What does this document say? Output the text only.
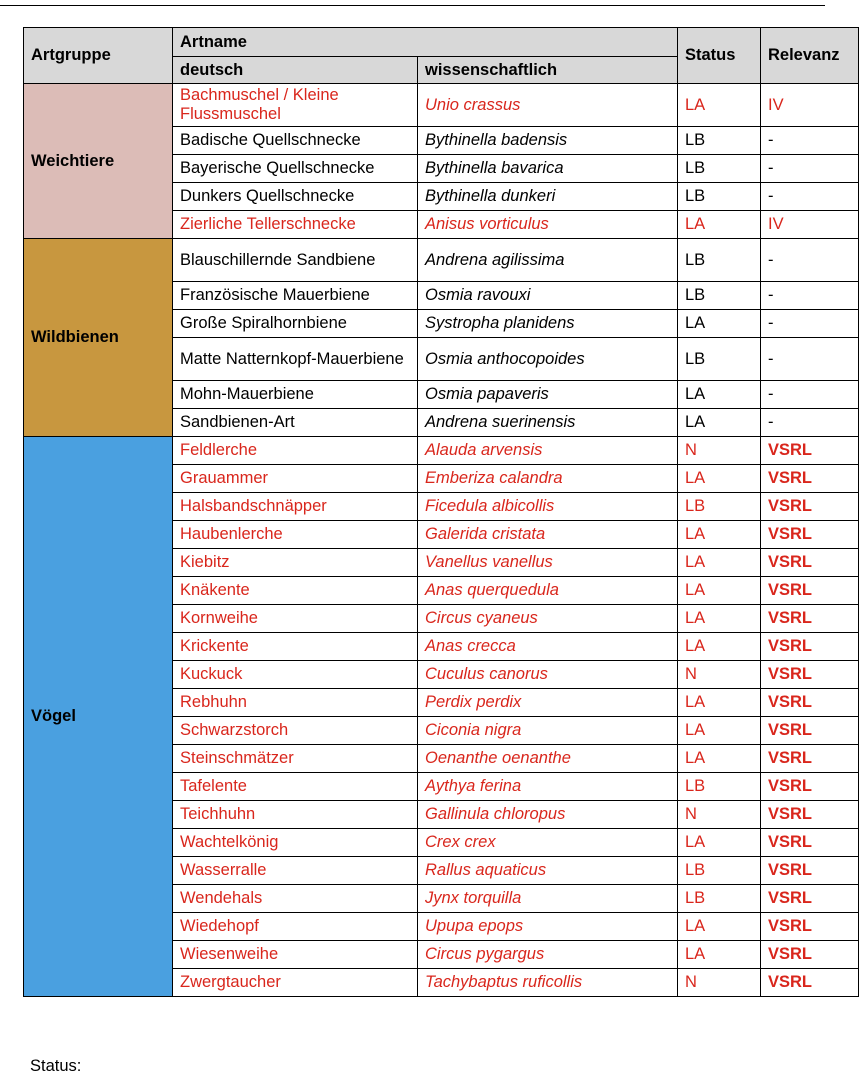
Artgruppe	Artname		Status	Relevanz
	deutsch	wissenschaftlich		
Weichtiere	Bachmuschel / Kleine Flussmuschel	Unio crassus	LA	IV
	Badische Quellschnecke	Bythinella badensis	LB	-
	Bayerische Quellschnecke	Bythinella bavarica	LB	-
	Dunkers Quellschnecke	Bythinella dunkeri	LB	-
	Zierliche Tellerschnecke	Anisus vorticulus	LA	IV
Wildbienen	Blauschillernde Sandbiene	Andrena agilissima	LB	-
	Französische Mauerbiene	Osmia ravouxi	LB	-
	Große Spiralhornbiene	Systropha planidens	LA	-
	Matte Natternkopf-Mauerbiene	Osmia anthocopoides	LB	-
	Mohn-Mauerbiene	Osmia papaveris	LA	-
	Sandbienen-Art	Andrena suerinensis	LA	-
Vögel	Feldlerche	Alauda arvensis	N	VSRL
	Grauammer	Emberiza calandra	LA	VSRL
	Halsbandschnäpper	Ficedula albicollis	LB	VSRL
	Haubenlerche	Galerida cristata	LA	VSRL
	Kiebitz	Vanellus vanellus	LA	VSRL
	Knäkente	Anas querquedula	LA	VSRL
	Kornweihe	Circus cyaneus	LA	VSRL
	Krickente	Anas crecca	LA	VSRL
	Kuckuck	Cuculus canorus	N	VSRL
	Rebhuhn	Perdix perdix	LA	VSRL
	Schwarzstorch	Ciconia nigra	LA	VSRL
	Steinschmätzer	Oenanthe oenanthe	LA	VSRL
	Tafelente	Aythya ferina	LB	VSRL
	Teichhuhn	Gallinula chloropus	N	VSRL
	Wachtelkönig	Crex crex	LA	VSRL
	Wasserralle	Rallus aquaticus	LB	VSRL
	Wendehals	Jynx torquilla	LB	VSRL
	Wiedehopf	Upupa epops	LA	VSRL
	Wiesenweihe	Circus pygargus	LA	VSRL
	Zwergtaucher	Tachybaptus ruficollis	N	VSRL
Status:
